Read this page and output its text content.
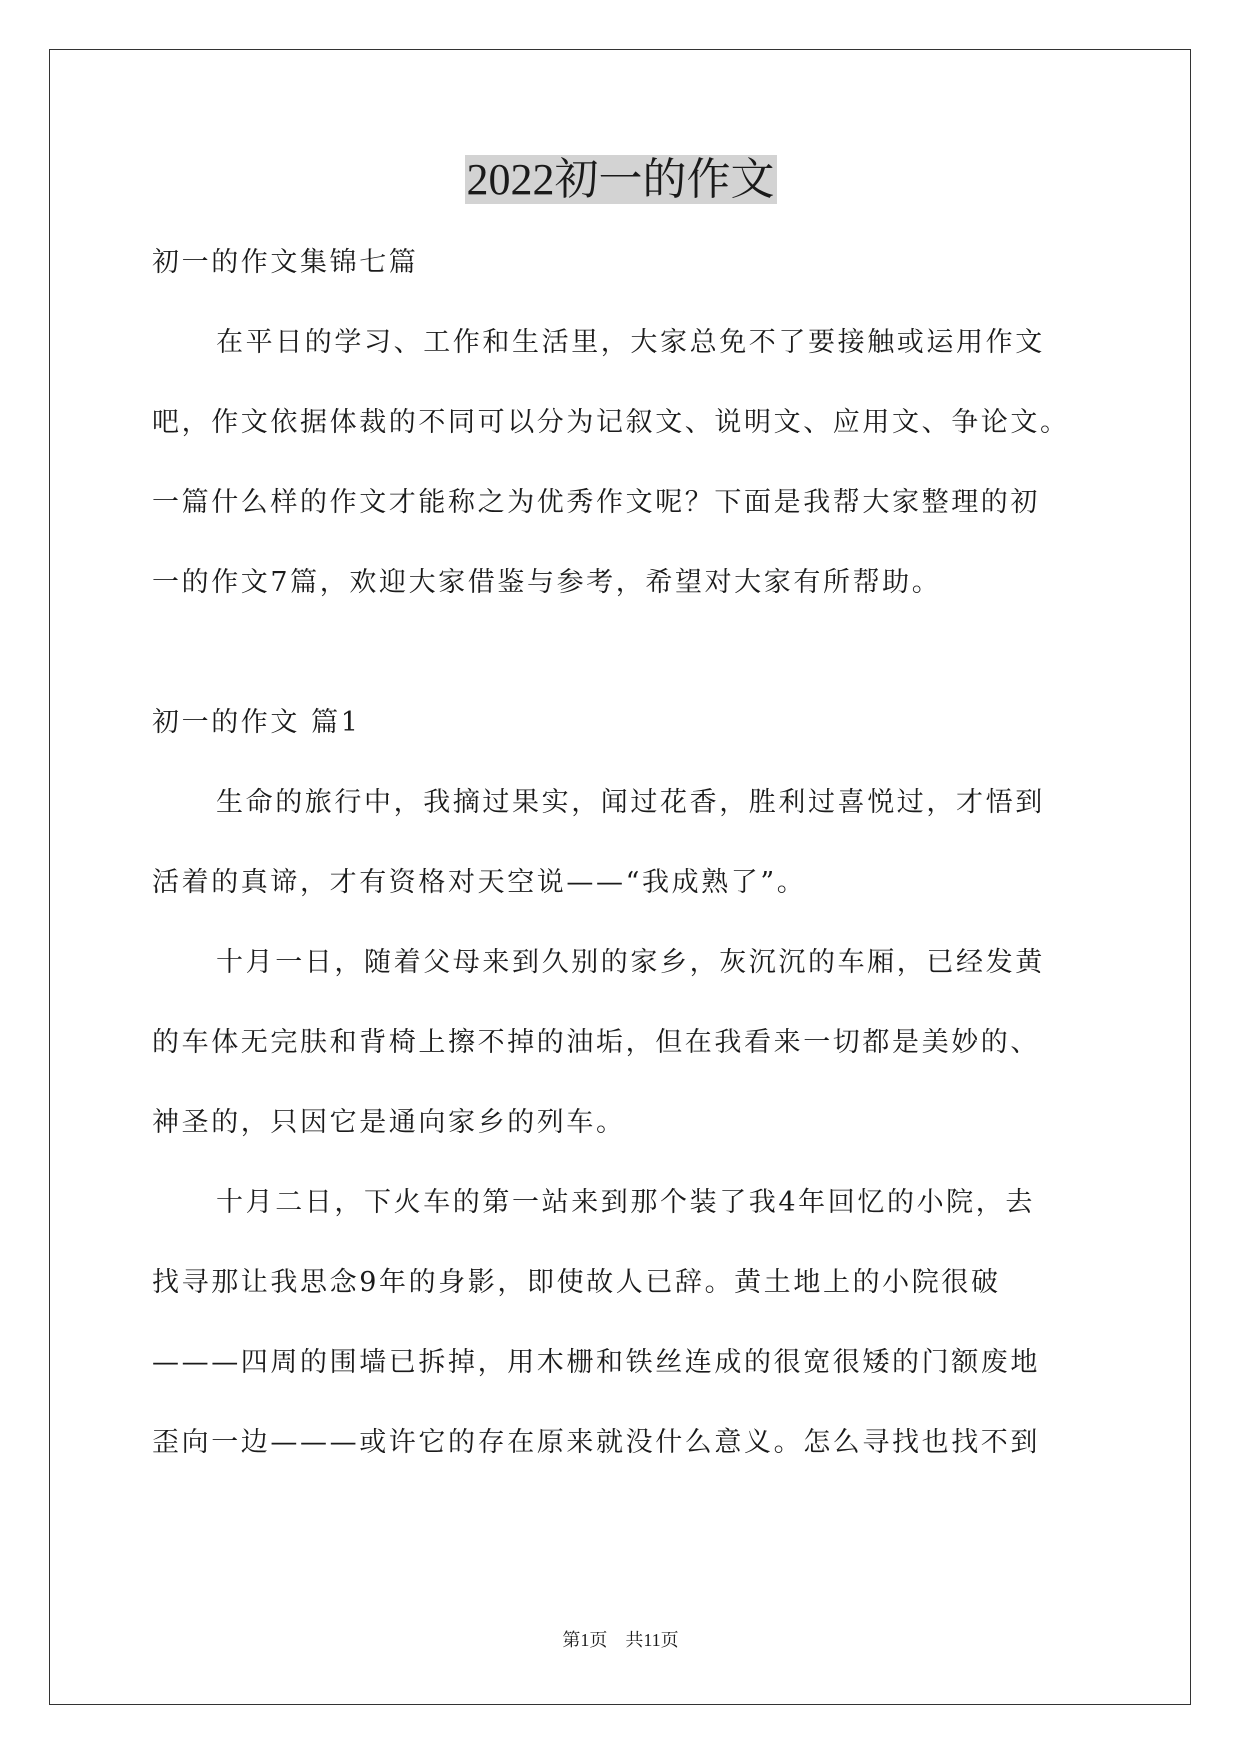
2022初一的作文
初一的作文集锦七篇
在平日的学习、工作和生活里，大家总免不了要接触或运用作文
吧，作文依据体裁的不同可以分为记叙文、说明文、应用文、争论文。
一篇什么样的作文才能称之为优秀作文呢？下面是我帮大家整理的初
一的作文7篇，欢迎大家借鉴与参考，希望对大家有所帮助。
初一的作文 篇1
生命的旅行中，我摘过果实，闻过花香，胜利过喜悦过，才悟到
活着的真谛，才有资格对天空说——“我成熟了”。
十月一日，随着父母来到久别的家乡，灰沉沉的车厢，已经发黄
的车体无完肤和背椅上擦不掉的油垢，但在我看来一切都是美妙的、
神圣的，只因它是通向家乡的列车。
十月二日，下火车的第一站来到那个装了我4年回忆的小院，去
找寻那让我思念9年的身影，即使故人已辞。黄土地上的小院很破
———四周的围墙已拆掉，用木栅和铁丝连成的很宽很矮的门额废地
歪向一边———或许它的存在原来就没什么意义。怎么寻找也找不到
第1页　共11页
